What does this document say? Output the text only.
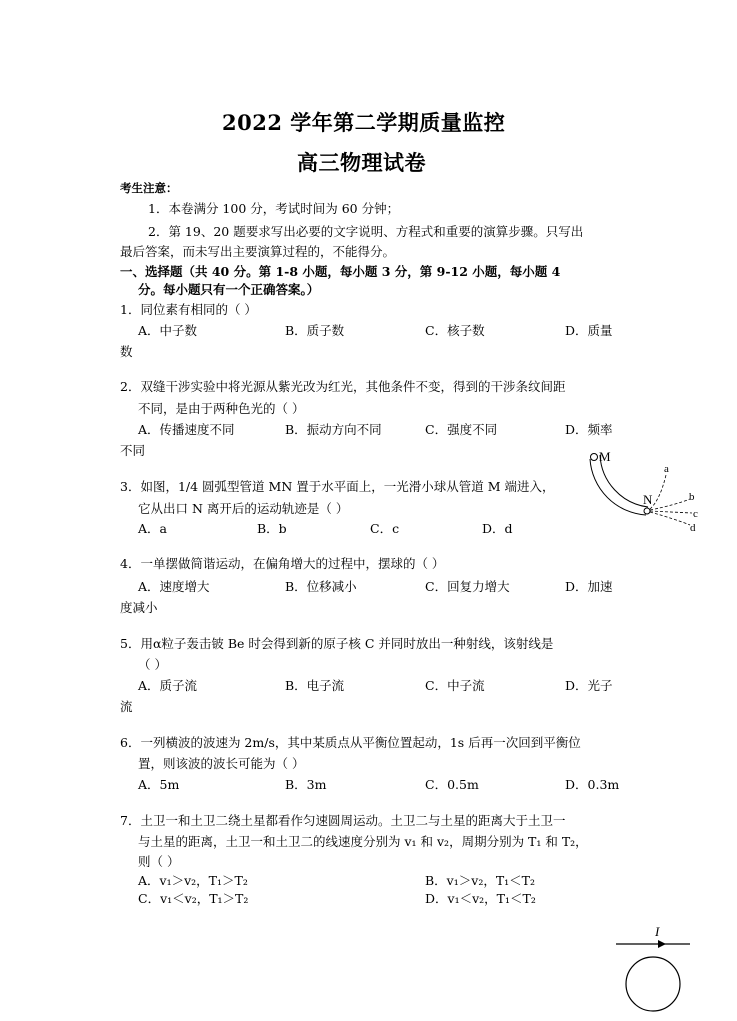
2022 学年第二学期质量监控
高三物理试卷
考生注意：
1．本卷满分 100 分，考试时间为 60 分钟；
2．第 19、20 题要求写出必要的文字说明、方程式和重要的演算步骤。只写出
最后答案，而未写出主要演算过程的，不能得分。
一、选择题（共 40 分。第 1-8 小题，每小题 3 分，第 9-12 小题，每小题 4
分。每小题只有一个正确答案。）
1．同位素有相同的（ ）
A．中子数	B．质子数	C．核子数	D．质量
数
2．双缝干涉实验中将光源从紫光改为红光，其他条件不变，得到的干涉条纹间距
不同，是由于两种色光的（ ）
A．传播速度不同	B．振动方向不同	C．强度不同	D．频率
不同
3．如图，1/4 圆弧型管道 MN 置于水平面上，一光滑小球从管道 M 端进入，
它从出口 N 离开后的运动轨迹是（ ）
A．a	B．b	C．c	D．d
M
N
a
b
c
d
4．一单摆做简谐运动，在偏角增大的过程中，摆球的（ ）
A．速度增大	B．位移减小	C．回复力增大	D．加速
度减小
5．用α粒子轰击铍 Be 时会得到新的原子核 C 并同时放出一种射线，该射线是
（ ）
A．质子流	B．电子流	C．中子流	D．光子
流
6．一列横波的波速为 2m/s，其中某质点从平衡位置起动，1s 后再一次回到平衡位
置，则该波的波长可能为（ ）
A．5m	B．3m	C．0.5m	D．0.3m
7．土卫一和土卫二绕土星都看作匀速圆周运动。土卫二与土星的距离大于土卫一
与土星的距离，土卫一和土卫二的线速度分别为 v₁ 和 v₂，周期分别为 T₁ 和 T₂，
则（ ）
A．v₁＞v₂，T₁＞T₂	B．v₁＞v₂，T₁＜T₂
C．v₁＜v₂，T₁＞T₂	D．v₁＜v₂，T₁＜T₂
I
